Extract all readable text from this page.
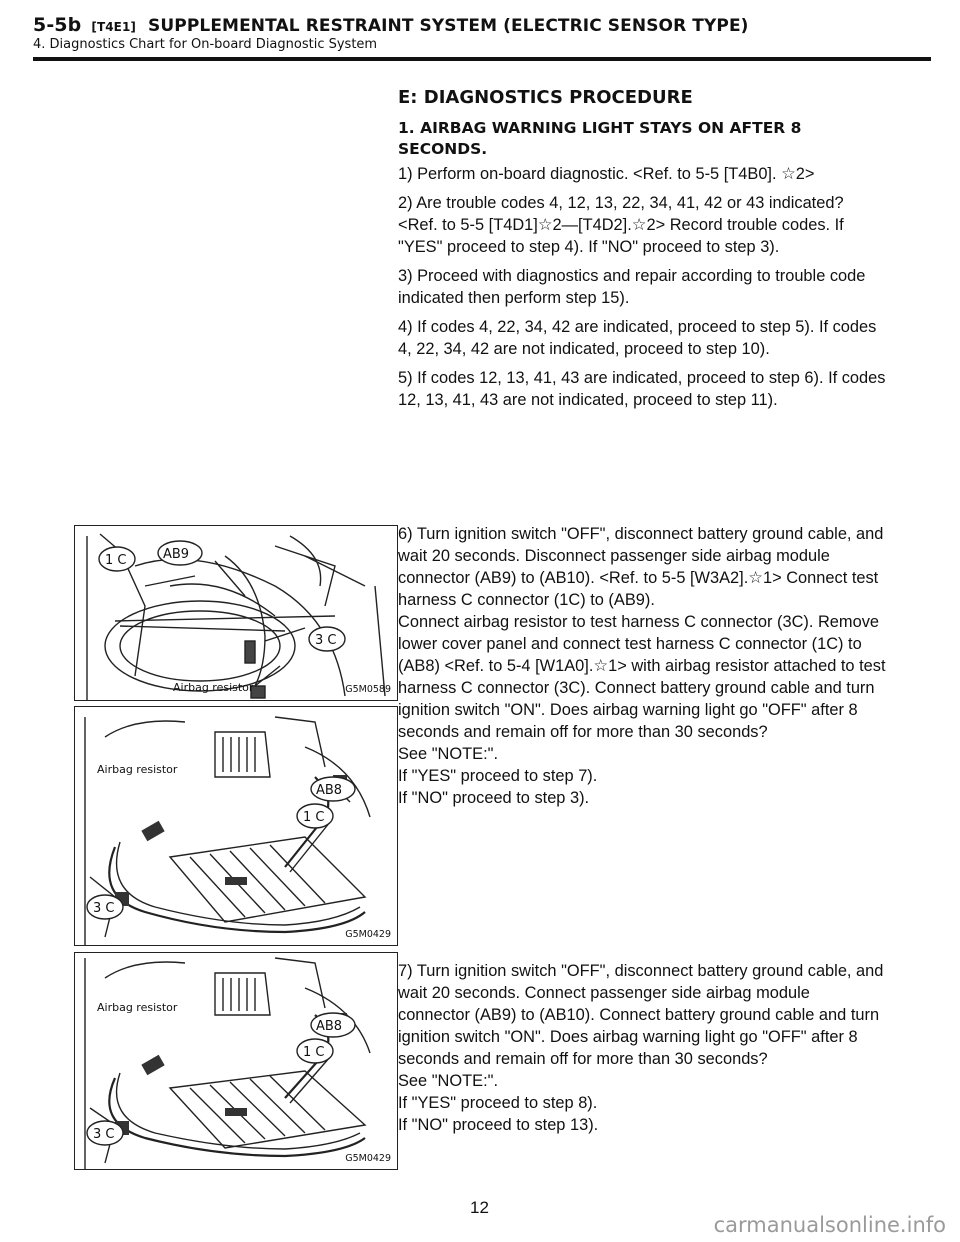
5-5b [T4E1] SUPPLEMENTAL RESTRAINT SYSTEM (ELECTRIC SENSOR TYPE)
4. Diagnostics Chart for On-board Diagnostic System
E: DIAGNOSTICS PROCEDURE
1. AIRBAG WARNING LIGHT STAYS ON AFTER 8 SECONDS.

1) Perform on-board diagnostic. <Ref. to 5-5 [T4B0]. ☆2>

2) Are trouble codes 4, 12, 13, 22, 34, 41, 42 or 43 indicated? <Ref. to 5-5 [T4D1]☆2—[T4D2].☆2> Record trouble codes. If "YES" proceed to step 4). If "NO" proceed to step 3).

3) Proceed with diagnostics and repair according to trouble code indicated then perform step 15).

4) If codes 4, 22, 34, 42 are indicated, proceed to step 5). If codes 4, 22, 34, 42 are not indicated, proceed to step 10).

5) If codes 12, 13, 41, 43 are indicated, proceed to step 6). If codes 12, 13, 41, 43 are not indicated, proceed to step 11).

6) Turn ignition switch "OFF", disconnect battery ground cable, and wait 20 seconds. Disconnect passenger side airbag module connector (AB9) to (AB10). <Ref. to 5-5 [W3A2].☆1> Connect test harness C connector (1C) to (AB9).

Connect airbag resistor to test harness C connector (3C). Remove lower cover panel and connect test harness C connector (1C) to (AB8) <Ref. to 5-4 [W1A0].☆1> with airbag resistor attached to test harness C connector (3C). Connect battery ground cable and turn ignition switch "ON". Does airbag warning light go "OFF" after 8 seconds and remain off for more than 30 seconds?

See "NOTE:".

If "YES" proceed to step 7).

If "NO" proceed to step 3).

7) Turn ignition switch "OFF", disconnect battery ground cable, and wait 20 seconds. Connect passenger side airbag module connector (AB9) to (AB10). Connect battery ground cable and turn ignition switch "ON". Does airbag warning light go "OFF" after 8 seconds and remain off for more than 30 seconds?

See "NOTE:".

If "YES" proceed to step 8).

If "NO" proceed to step 13).

1 C	AB9
3 C
Airbag resistor	G5M0589
Airbag resistor
AB8
1 C
3 C
G5M0429
Airbag resistor
AB8
1 C
3 C
G5M0429
12
carmanualsonline.info
